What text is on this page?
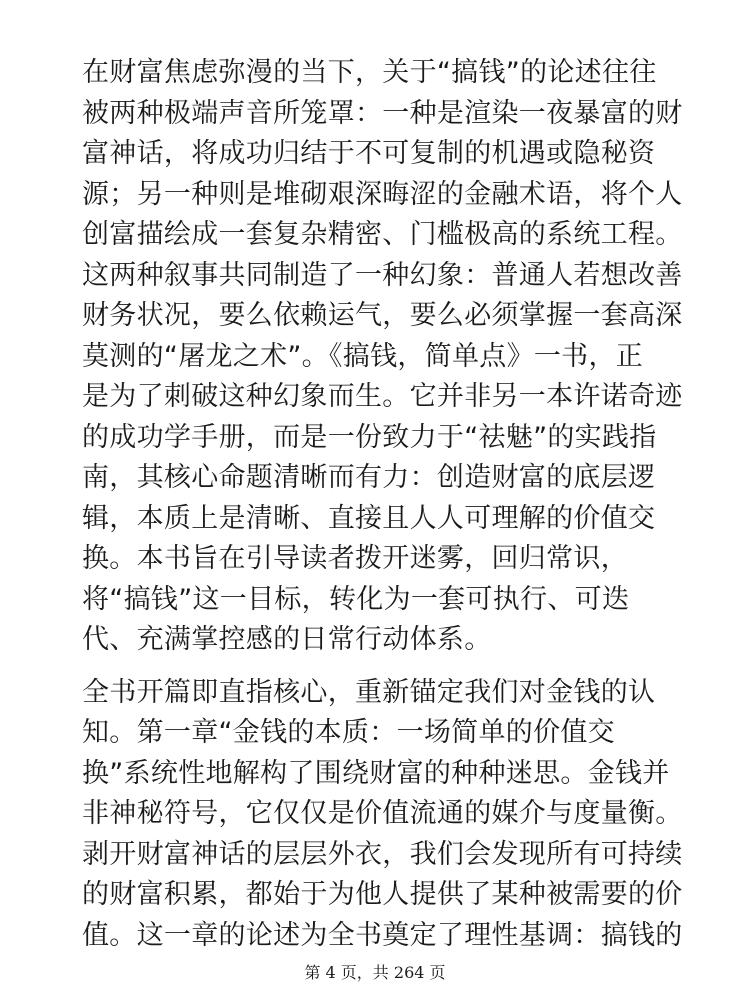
在财富焦虑弥漫的当下，关于“搞钱”的论述往往
被两种极端声音所笼罩：一种是渲染一夜暴富的财
富神话，将成功归结于不可复制的机遇或隐秘资
源；另一种则是堆砌艰深晦涩的金融术语，将个人
创富描绘成一套复杂精密、门槛极高的系统工程。
这两种叙事共同制造了一种幻象：普通人若想改善
财务状况，要么依赖运气，要么必须掌握一套高深
莫测的“屠龙之术”。《搞钱，简单点》一书，正
是为了刺破这种幻象而生。它并非另一本许诺奇迹
的成功学手册，而是一份致力于“祛魅”的实践指
南，其核心命题清晰而有力：创造财富的底层逻
辑，本质上是清晰、直接且人人可理解的价值交
换。本书旨在引导读者拨开迷雾，回归常识，
将“搞钱”这一目标，转化为一套可执行、可迭
代、充满掌控感的日常行动体系。
全书开篇即直指核心，重新锚定我们对金钱的认
知。第一章“金钱的本质：一场简单的价值交
换”系统性地解构了围绕财富的种种迷思。金钱并
非神秘符号，它仅仅是价值流通的媒介与度量衡。
剥开财富神话的层层外衣，我们会发现所有可持续
的财富积累，都始于为他人提供了某种被需要的价
值。这一章的论述为全书奠定了理性基调：搞钱的
第 4 页，共 264 页
